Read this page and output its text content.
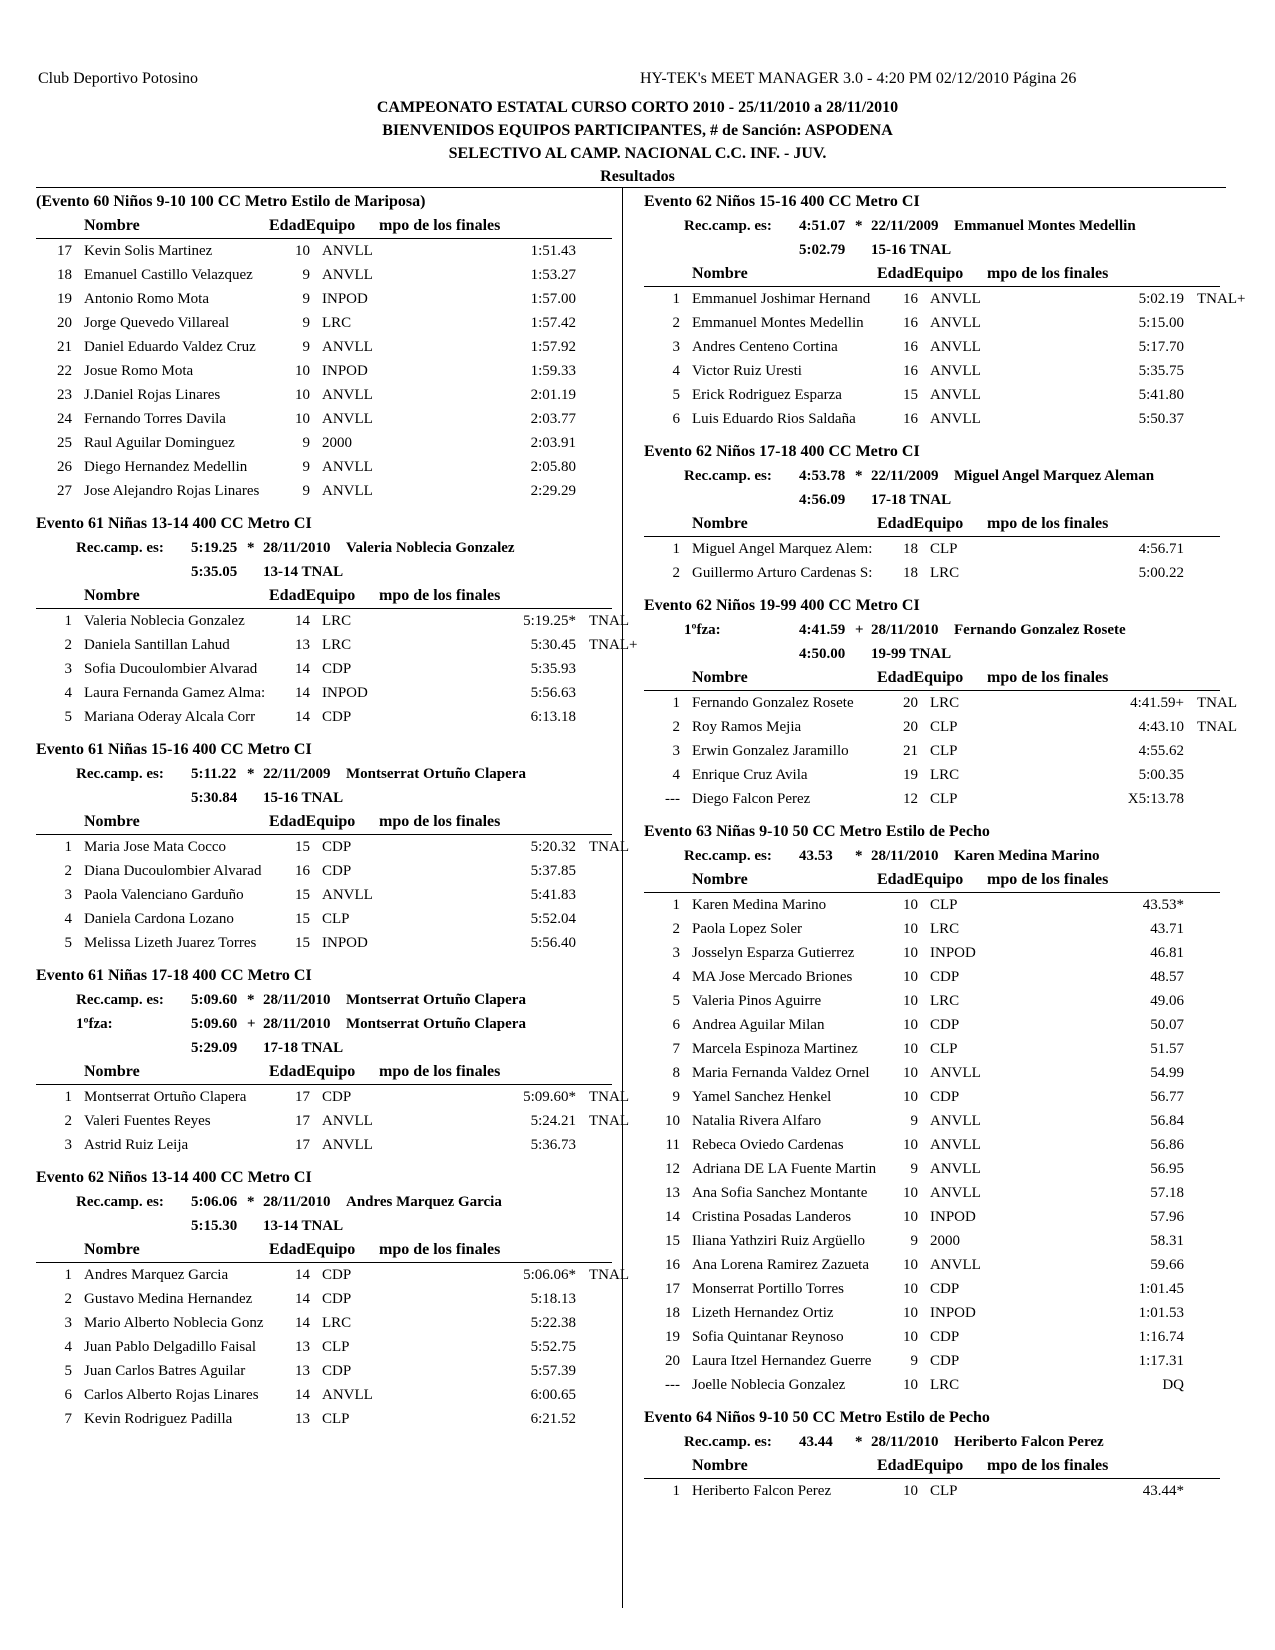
Club Deportivo Potosino	HY-TEK's MEET MANAGER 3.0 - 4:20 PM 02/12/2010 Página 26
CAMPEONATO ESTATAL CURSO CORTO 2010 - 25/11/2010 a 28/11/2010
BIENVENIDOS EQUIPOS PARTICIPANTES, # de Sanción: ASPODENA
SELECTIVO AL CAMP. NACIONAL C.C. INF. - JUV.
Resultados
(Evento 60 Niños 9-10 100 CC Metro Estilo de Mariposa)
Nombre	EdadEquipo mpo de los finales
17 Kevin Solis Martinez	10 ANVLL	1:51.43
18 Emanuel Castillo Velazquez	9 ANVLL	1:53.27
19 Antonio Romo Mota	9 INPOD	1:57.00
20 Jorge Quevedo Villareal	9 LRC	1:57.42
21 Daniel Eduardo Valdez Cruz	9 ANVLL	1:57.92
22 Josue Romo Mota	10 INPOD	1:59.33
23 J.Daniel Rojas Linares	10 ANVLL	2:01.19
24 Fernando Torres Davila	10 ANVLL	2:03.77
25 Raul Aguilar Dominguez	9 2000	2:03.91
26 Diego Hernandez Medellin	9 ANVLL	2:05.80
27 Jose Alejandro Rojas Linares	9 ANVLL	2:29.29
Evento 61 Niñas 13-14 400 CC Metro CI
Rec.camp. es: 5:19.25 * 28/11/2010 Valeria Noblecia Gonzalez
5:35.05 13-14 TNAL
Nombre	EdadEquipo mpo de los finales
1 Valeria Noblecia Gonzalez	14 LRC	5:19.25* TNAL
2 Daniela Santillan Lahud	13 LRC	5:30.45 TNAL+
3 Sofia Ducoulombier Alvarad	14 CDP	5:35.93
4 Laura Fernanda Gamez Alma:	14 INPOD	5:56.63
5 Mariana Oderay Alcala Corr	14 CDP	6:13.18
Evento 61 Niñas 15-16 400 CC Metro CI
Rec.camp. es: 5:11.22 * 22/11/2009 Montserrat Ortuño Clapera
5:30.84 15-16 TNAL
Nombre	EdadEquipo mpo de los finales
1 Maria Jose Mata Cocco	15 CDP	5:20.32 TNAL
2 Diana Ducoulombier Alvarad	16 CDP	5:37.85
3 Paola Valenciano Garduño	15 ANVLL	5:41.83
4 Daniela Cardona Lozano	15 CLP	5:52.04
5 Melissa Lizeth Juarez Torres	15 INPOD	5:56.40
Evento 61 Niñas 17-18 400 CC Metro CI
Rec.camp. es: 5:09.60 * 28/11/2010 Montserrat Ortuño Clapera
1ºfza:	5:09.60 + 28/11/2010 Montserrat Ortuño Clapera
5:29.09 17-18 TNAL
Nombre	EdadEquipo mpo de los finales
1 Montserrat Ortuño Clapera	17 CDP	5:09.60* TNAL
2 Valeri Fuentes Reyes	17 ANVLL	5:24.21 TNAL
3 Astrid Ruiz Leija	17 ANVLL	5:36.73
Evento 62 Niños 13-14 400 CC Metro CI
Rec.camp. es: 5:06.06 * 28/11/2010 Andres Marquez Garcia
5:15.30 13-14 TNAL
Nombre	EdadEquipo mpo de los finales
1 Andres Marquez Garcia	14 CDP	5:06.06* TNAL
2 Gustavo Medina Hernandez	14 CDP	5:18.13
3 Mario Alberto Noblecia Gonz	14 LRC	5:22.38
4 Juan Pablo Delgadillo Faisal	13 CLP	5:52.75
5 Juan Carlos Batres Aguilar	13 CDP	5:57.39
6 Carlos Alberto Rojas Linares	14 ANVLL	6:00.65
7 Kevin Rodriguez Padilla	13 CLP	6:21.52
Evento 62 Niños 15-16 400 CC Metro CI
Rec.camp. es: 4:51.07 * 22/11/2009 Emmanuel Montes Medellin
5:02.79 15-16 TNAL
Nombre	EdadEquipo mpo de los finales
1 Emmanuel Joshimar Hernand	16 ANVLL	5:02.19 TNAL+
2 Emmanuel Montes Medellin	16 ANVLL	5:15.00
3 Andres Centeno Cortina	16 ANVLL	5:17.70
4 Victor Ruiz Uresti	16 ANVLL	5:35.75
5 Erick Rodriguez Esparza	15 ANVLL	5:41.80
6 Luis Eduardo Rios Saldaña	16 ANVLL	5:50.37
Evento 62 Niños 17-18 400 CC Metro CI
Rec.camp. es: 4:53.78 * 22/11/2009 Miguel Angel Marquez Aleman
4:56.09 17-18 TNAL
Nombre	EdadEquipo mpo de los finales
1 Miguel Angel Marquez Alem:	18 CLP	4:56.71
2 Guillermo Arturo Cardenas S:	18 LRC	5:00.22
Evento 62 Niños 19-99 400 CC Metro CI
1ºfza:	4:41.59 + 28/11/2010 Fernando Gonzalez Rosete
4:50.00 19-99 TNAL
Nombre	EdadEquipo mpo de los finales
1 Fernando Gonzalez Rosete	20 LRC	4:41.59+ TNAL
2 Roy Ramos Mejia	20 CLP	4:43.10 TNAL
3 Erwin Gonzalez Jaramillo	21 CLP	4:55.62
4 Enrique Cruz Avila	19 LRC	5:00.35
--- Diego Falcon Perez	12 CLP	X5:13.78
Evento 63 Niñas 9-10 50 CC Metro Estilo de Pecho
Rec.camp. es: 43.53 * 28/11/2010 Karen Medina Marino
Nombre	EdadEquipo mpo de los finales
1 Karen Medina Marino	10 CLP	43.53*
2 Paola Lopez Soler	10 LRC	43.71
3 Josselyn Esparza Gutierrez	10 INPOD	46.81
4 MA Jose Mercado Briones	10 CDP	48.57
5 Valeria Pinos Aguirre	10 LRC	49.06
6 Andrea Aguilar Milan	10 CDP	50.07
7 Marcela Espinoza Martinez	10 CLP	51.57
8 Maria Fernanda Valdez Ornel	10 ANVLL	54.99
9 Yamel Sanchez Henkel	10 CDP	56.77
10 Natalia Rivera Alfaro	9 ANVLL	56.84
11 Rebeca Oviedo Cardenas	10 ANVLL	56.86
12 Adriana DE LA Fuente Martin	9 ANVLL	56.95
13 Ana Sofia Sanchez Montante	10 ANVLL	57.18
14 Cristina Posadas Landeros	10 INPOD	57.96
15 Iliana Yathziri Ruiz Argüello	9 2000	58.31
16 Ana Lorena Ramirez Zazueta	10 ANVLL	59.66
17 Monserrat Portillo Torres	10 CDP	1:01.45
18 Lizeth Hernandez Ortiz	10 INPOD	1:01.53
19 Sofia Quintanar Reynoso	10 CDP	1:16.74
20 Laura Itzel Hernandez Guerre	9 CDP	1:17.31
--- Joelle Noblecia Gonzalez	10 LRC	DQ
Evento 64 Niños 9-10 50 CC Metro Estilo de Pecho
Rec.camp. es: 43.44 * 28/11/2010 Heriberto Falcon Perez
Nombre	EdadEquipo mpo de los finales
1 Heriberto Falcon Perez	10 CLP	43.44*
